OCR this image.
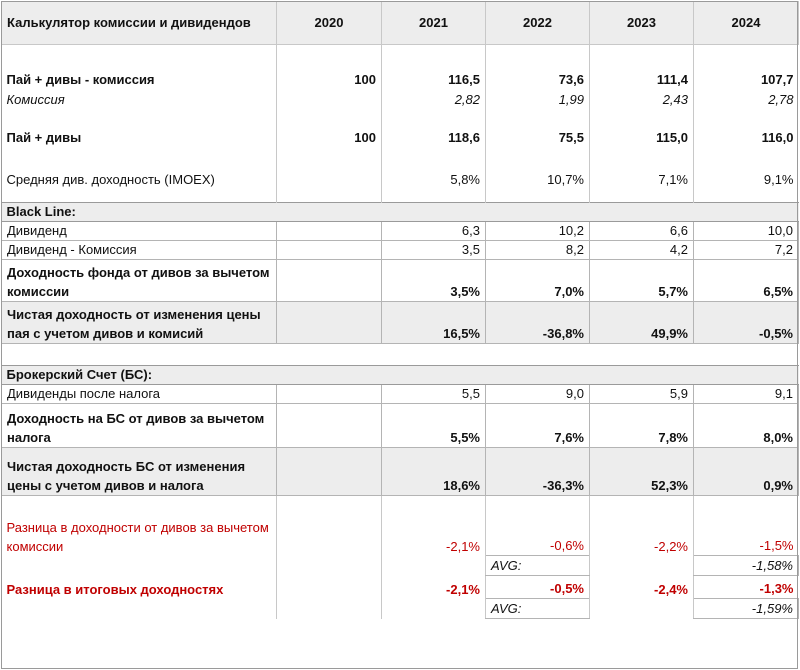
Калькулятор комиссии и дивидендов	2020	2021	2022	2023	2024

Пай + дивы - комиссия	100	116,5	73,6	111,4	107,7
Комиссия		2,82	1,99	2,43	2,78

Пай + дивы	100	118,6	75,5	115,0	116,0

Средняя див. доходность (IMOEX)		5,8%	10,7%	7,1%	9,1%

Black Line:					
Дивиденд		6,3	10,2	6,6	10,0
Дивиденд - Комиссия		3,5	8,2	4,2	7,2
Доходность фонда от дивов за вычетом комиссии		3,5%	7,0%	5,7%	6,5%
Чистая доходность от изменения цены пая с учетом дивов и комисий		16,5%	-36,8%	49,9%	-0,5%

Брокерский Счет (БС):					
Дивиденды после налога		5,5	9,0	5,9	9,1
Доходность на БС от дивов за вычетом налога		5,5%	7,6%	7,8%	8,0%
Чистая доходность БС от изменения цены с учетом дивов и налога		18,6%	-36,3%	52,3%	0,9%

Разница в доходности от дивов за вычетом комиссии		-2,1%	-0,6%	-2,2%	-1,5%
			AVG:		-1,58%
Разница в итоговых доходностях		-2,1%	-0,5%	-2,4%	-1,3%
			AVG:		-1,59%
